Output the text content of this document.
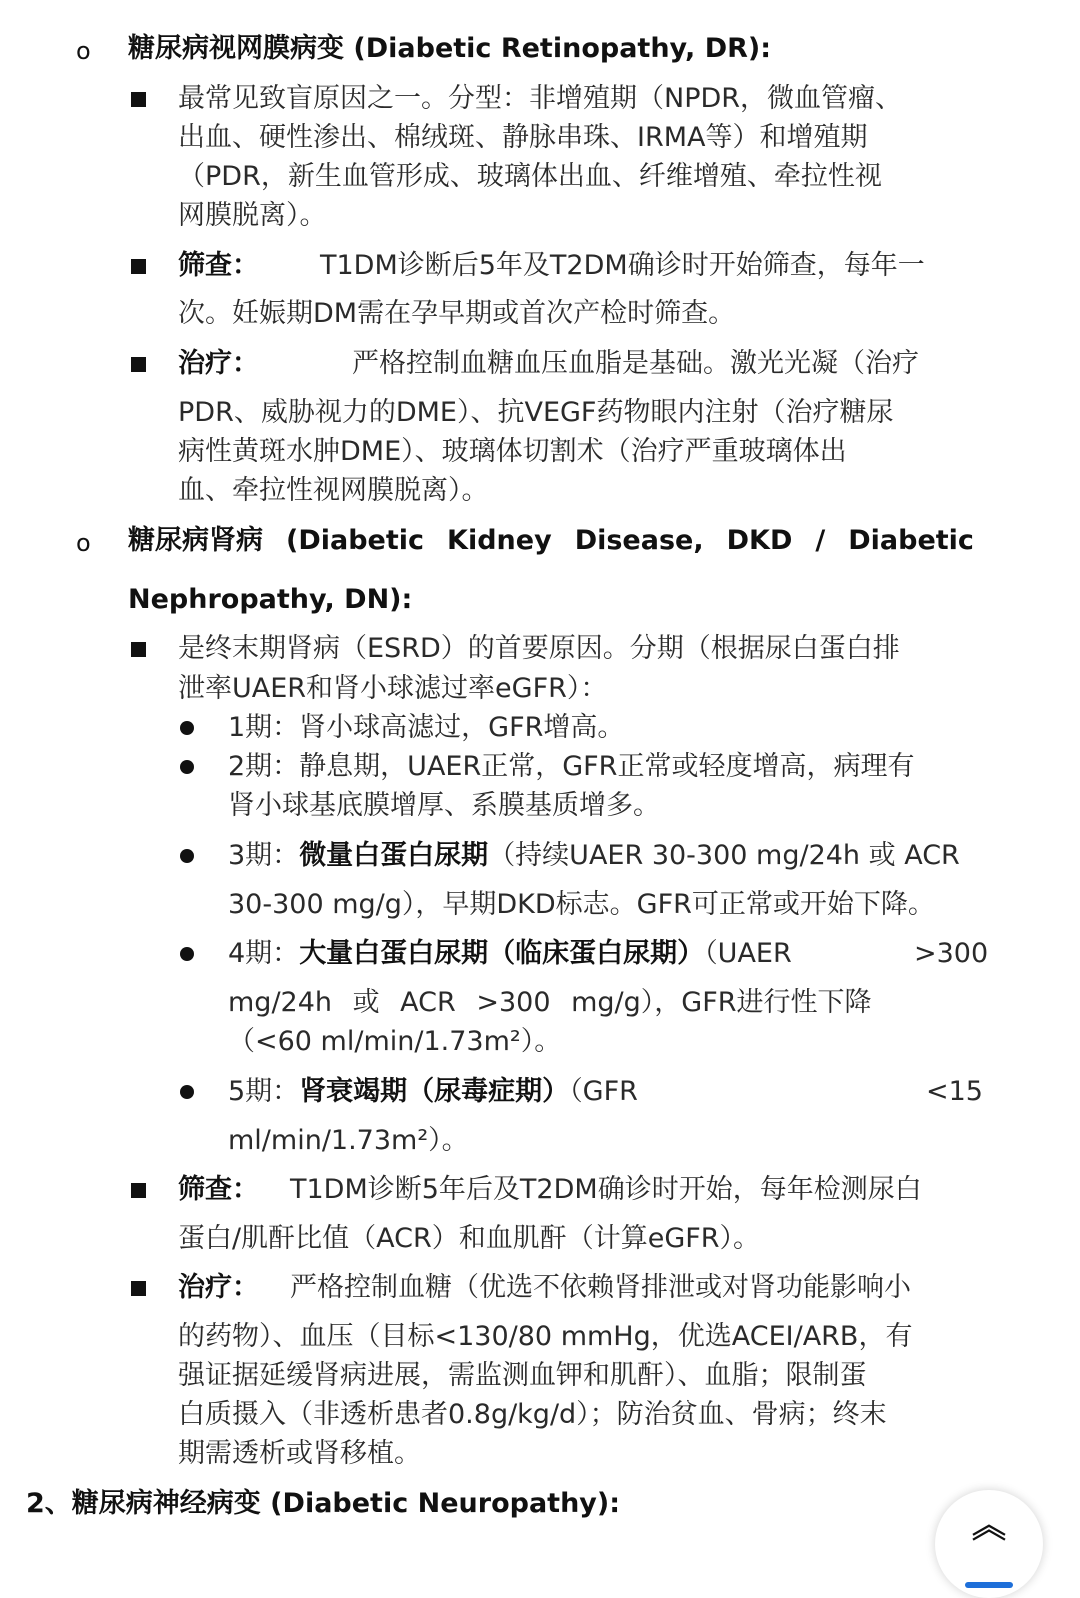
o 糖尿病视网膜病变 (Diabetic Retinopathy, DR):
最常见致盲原因之一。分型：非增殖期（NPDR，微血管瘤、
出血、硬性渗出、棉绒斑、静脉串珠、IRMA等）和增殖期
（PDR，新生血管形成、玻璃体出血、纤维增殖、牵拉性视
网膜脱离）。
筛查： T1DM诊断后5年及T2DM确诊时开始筛查，每年一
次。妊娠期DM需在孕早期或首次产检时筛查。
治疗：	严格控制血糖血压血脂是基础。激光光凝（治疗
PDR、威胁视力的DME）、抗VEGF药物眼内注射（治疗糖尿
病性黄斑水肿DME）、玻璃体切割术（治疗严重玻璃体出
血、牵拉性视网膜脱离）。
o 糖尿病肾病 (Diabetic Kidney Disease, DKD / Diabetic
Nephropathy, DN):
是终末期肾病（ESRD）的首要原因。分期（根据尿白蛋白排
泄率UAER和肾小球滤过率eGFR）：
1期：肾小球高滤过，GFR增高。
2期：静息期，UAER正常，GFR正常或轻度增高，病理有
肾小球基底膜增厚、系膜基质增多。
3期：微量白蛋白尿期（持续UAER 30-300 mg/24h 或 ACR
30-300 mg/g），早期DKD标志。GFR可正常或开始下降。
4期：大量白蛋白尿期（临床蛋白尿期）（UAER	>300
mg/24h 或 ACR >300 mg/g），GFR进行性下降
（<60 ml/min/1.73m²）。
5期：肾衰竭期（尿毒症期）（GFR	<15
ml/min/1.73m²）。
筛查： T1DM诊断5年后及T2DM确诊时开始，每年检测尿白
蛋白/肌酐比值（ACR）和血肌酐（计算eGFR）。
治疗： 严格控制血糖（优选不依赖肾排泄或对肾功能影响小
的药物）、血压（目标<130/80 mmHg，优选ACEI/ARB，有
强证据延缓肾病进展，需监测血钾和肌酐）、血脂；限制蛋
白质摄入（非透析患者0.8g/kg/d）；防治贫血、骨病；终末
期需透析或肾移植。
2、糖尿病神经病变 (Diabetic Neuropathy):
︽
